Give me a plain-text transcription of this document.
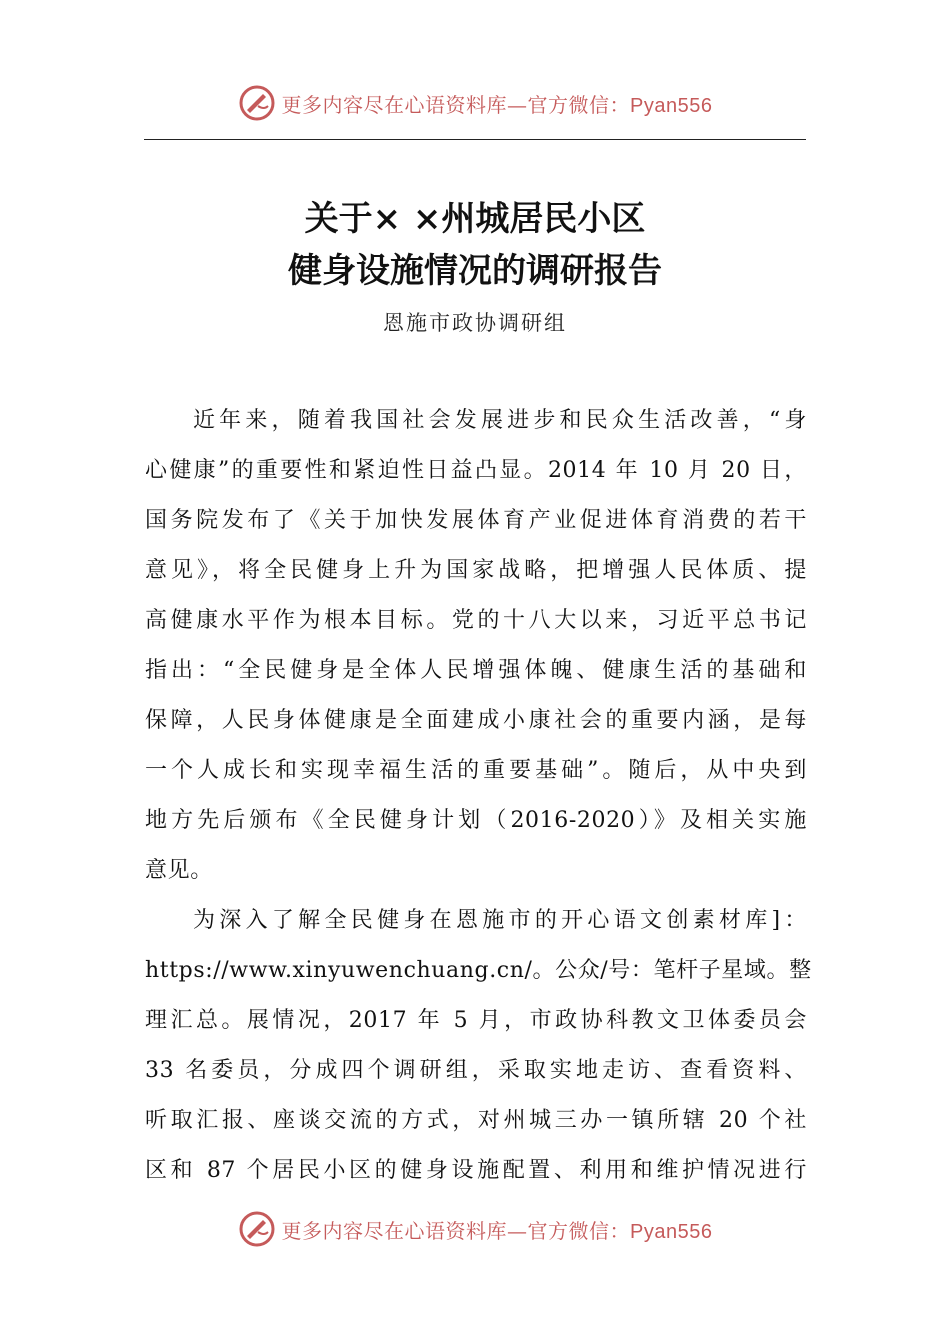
更多内容尽在心语资料库—官方微信：Pyan556
关于× ×州城居民小区
健身设施情况的调研报告
恩施市政协调研组
近年来，随着我国社会发展进步和民众生活改善，“身
心健康”的重要性和紧迫性日益凸显。2014 年 10 月 20 日，
国务院发布了《关于加快发展体育产业促进体育消费的若干
意见》，将全民健身上升为国家战略，把增强人民体质、提
高健康水平作为根本目标。党的十八大以来，习近平总书记
指出：“全民健身是全体人民增强体魄、健康生活的基础和
保障，人民身体健康是全面建成小康社会的重要内涵，是每
一个人成长和实现幸福生活的重要基础”。随后，从中央到
地方先后颁布《全民健身计划（2016-2020）》及相关实施
意见。
为深入了解全民健身在恩施市的开心语文创素材库]：
https://www.xinyuwenchuang.cn/。公众/号：笔杆子星域。整
理汇总。展情况，2017 年 5 月，市政协科教文卫体委员会
33 名委员，分成四个调研组，采取实地走访、查看资料、
听取汇报、座谈交流的方式，对州城三办一镇所辖 20 个社
区和 87 个居民小区的健身设施配置、利用和维护情况进行
更多内容尽在心语资料库—官方微信：Pyan556
